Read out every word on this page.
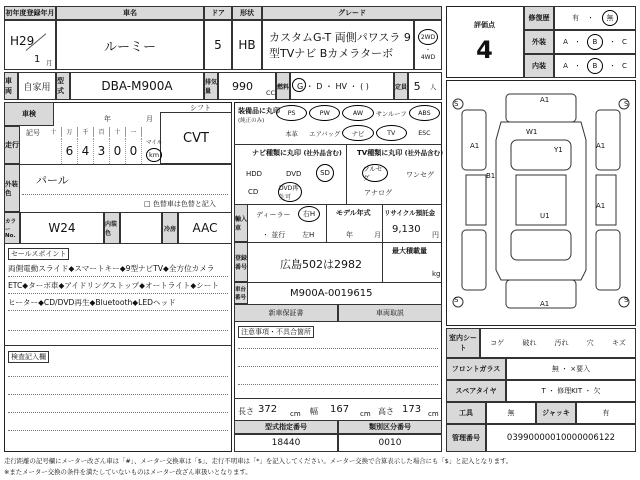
初年度登録年月	車名	ドア	形状	グレード
H29
1 月
ルーミー	5	HB
カスタムG-T 両側パワスラ 9
型TVナビ Bカメラターボ
2WD
・
4WD
車両	自家用
型式	DBA-M900A	排気量	990 CC
燃料 G ・ D ・ HV ・ ( )	定員 5 人
車検
年	月
シフト
CVT
走行
記号	十	万	千	百	十	一
6 4 3 0 0
マイル
km
外装色
パール
□ 色替車は色替と記入
カラー No.
W24	内装色
冷房	AAC
セールスポイント
両側電動スライド◆スマートキー◆9型ナビTV◆全方位カメラ
ETC◆ターボ車◆アイドリングストップ◆オートライト◆シート
ヒーター◆CD/DVD再生◆Bluetooth◆LEDヘッド
検査記入欄
装備品に丸印
(純正のみ)
PS	PW	AW	サンルーフ	ABS
本革	エアバッグ	ナビ	TV	ESC
ナビ種類に丸印 (社外品含む) TV種類に丸印 (社外品含む)
HDD	DVD	SD
CD	DVD再生可
フルセグ	ワンセグ
アナログ
輸入車
ディーラー
・ 並行
右H
左H
モデル年式
年	月
リサイクル預託金
9,130 円
登録番号	広島502は2982
最大積載量
kg
車台番号	M900A-0019615
新車保証書	車両取説
注意事項・不具合箇所
長さ 372 cm 幅 167 cm 高さ 173 cm
型式指定番号	類別区分番号
18440	0010
評価点
4
修復歴	有 ・	無
外装	A ・	B	・ C
内装	A ・	B	・ C
A1
W1
Y1
B1
U1
A1	A1
A1
A1
S	S
S	S
室内シート
コゲ	破れ	汚れ	穴	キズ
フロントガラス	無 ・ ×要入
スペアタイヤ	T ・ 修理KIT ・ 欠
工具	無	ジャッキ	有
管理番号	03990000010000006122
走行距離の記号欄にメーター改ざん車は「#」、メーター交換車は「$」、走行不明車は「*」を記入してください。メーター交換で合算表示した場合にも「$」と記入となります。
※またメーター交換の条件を満たしていないものはメーター改ざん車扱いとなります。
